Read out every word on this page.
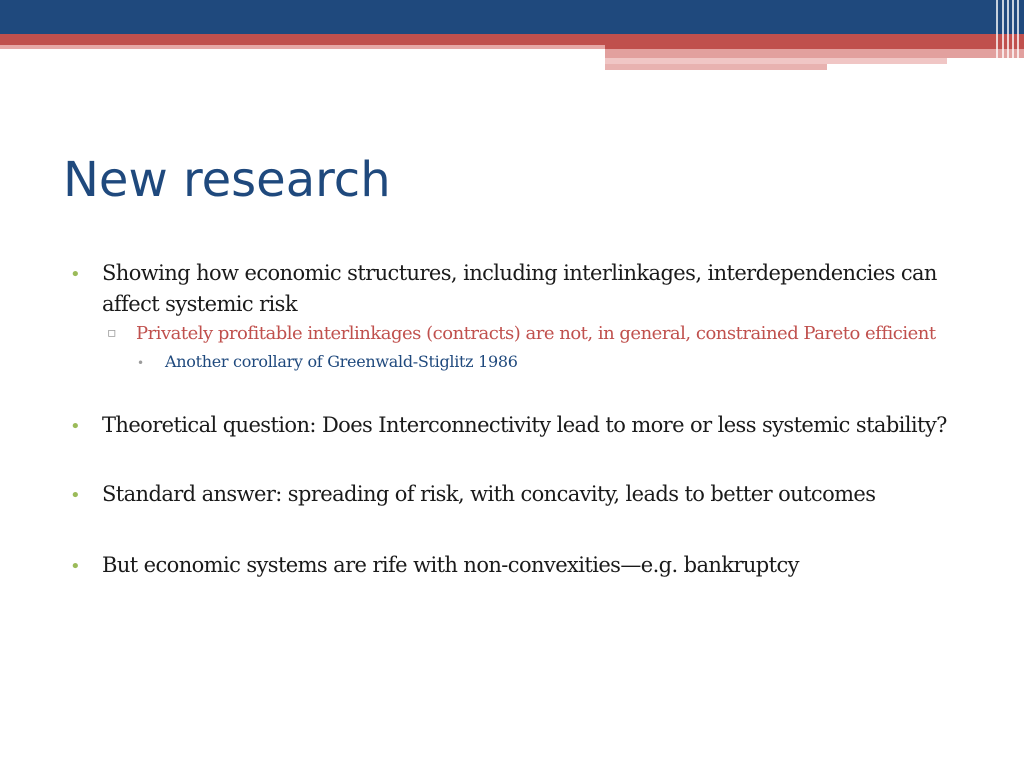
New research
• Showing how economic structures, including interlinkages, interdependencies can affect systemic risk
▫ Privately profitable interlinkages (contracts) are not, in general, constrained Pareto efficient
• Another corollary of Greenwald-Stiglitz 1986
• Theoretical question: Does Interconnectivity lead to more or less systemic stability?
• Standard answer: spreading of risk, with concavity, leads to better outcomes
• But economic systems are rife with non-convexities—e.g. bankruptcy
